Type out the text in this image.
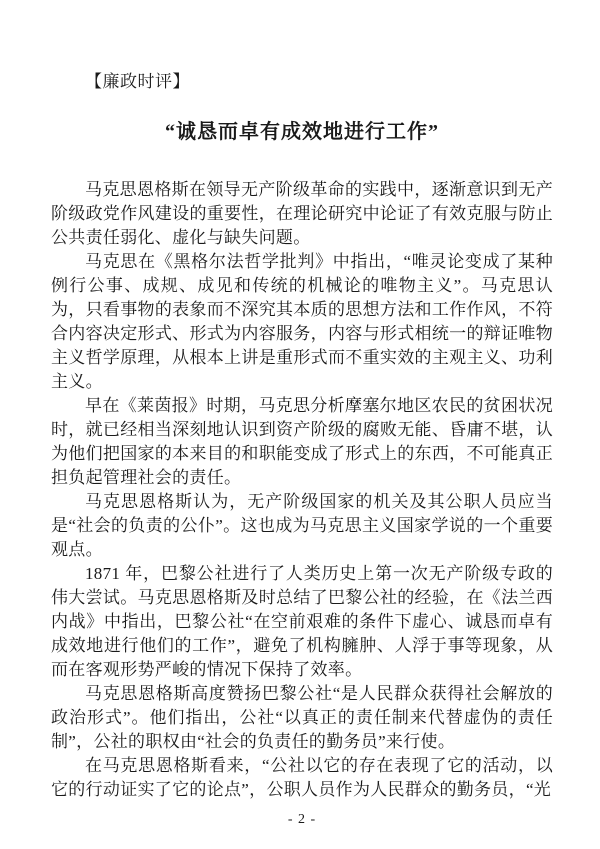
【廉政时评】
“诚恳而卓有成效地进行工作”

马克思恩格斯在领导无产阶级革命的实践中，逐渐意识到无产阶级政党作风建设的重要性，在理论研究中论证了有效克服与防止公共责任弱化、虚化与缺失问题。

马克思在《黑格尔法哲学批判》中指出，“唯灵论变成了某种例行公事、成规、成见和传统的机械论的唯物主义”。马克思认为，只看事物的表象而不深究其本质的思想方法和工作作风，不符合内容决定形式、形式为内容服务，内容与形式相统一的辩证唯物主义哲学原理，从根本上讲是重形式而不重实效的主观主义、功利主义。

早在《莱茵报》时期，马克思分析摩塞尔地区农民的贫困状况时，就已经相当深刻地认识到资产阶级的腐败无能、昏庸不堪，认为他们把国家的本来目的和职能变成了形式上的东西，不可能真正担负起管理社会的责任。

马克思恩格斯认为，无产阶级国家的机关及其公职人员应当是“社会的负责的公仆”。这也成为马克思主义国家学说的一个重要观点。

1871 年，巴黎公社进行了人类历史上第一次无产阶级专政的伟大尝试。马克思恩格斯及时总结了巴黎公社的经验，在《法兰西内战》中指出，巴黎公社“在空前艰难的条件下虚心、诚恳而卓有成效地进行他们的工作”，避免了机构臃肿、人浮于事等现象，从而在客观形势严峻的情况下保持了效率。

马克思恩格斯高度赞扬巴黎公社“是人民群众获得社会解放的政治形式”。他们指出，公社“以真正的责任制来代替虚伪的责任制”，公社的职权由“社会的负责任的勤务员”来行使。

在马克思恩格斯看来，“公社以它的存在表现了它的活动，以它的行动证实了它的论点”，公职人员作为人民群众的勤务员，“光

- 2 -
